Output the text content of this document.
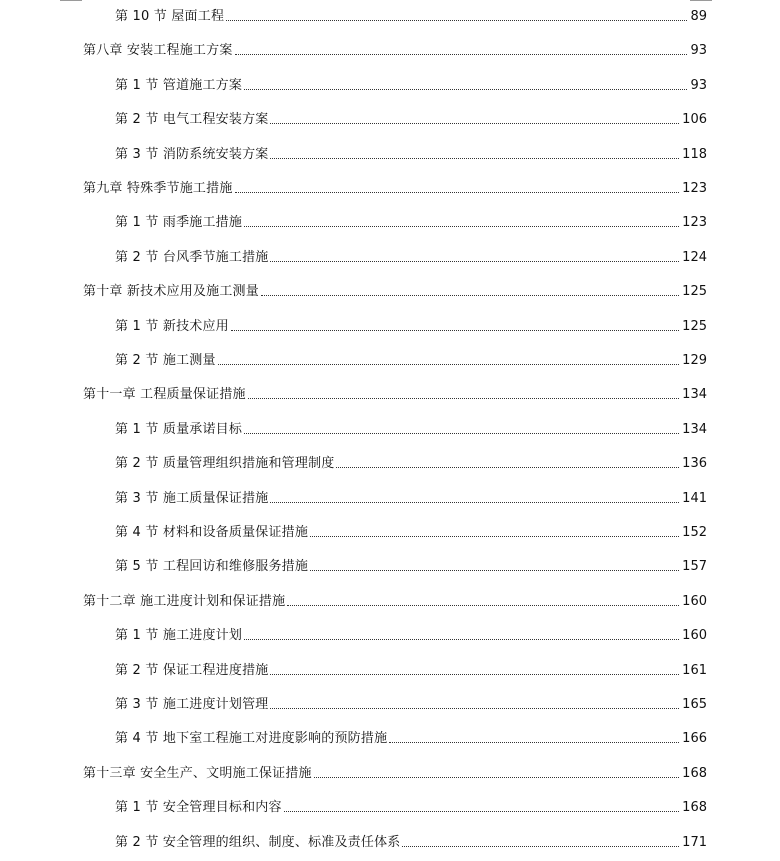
第 10 节 屋面工程	89
第八章 安装工程施工方案	93
第 1 节 管道施工方案	93
第 2 节 电气工程安装方案	106
第 3 节 消防系统安装方案	118
第九章 特殊季节施工措施	123
第 1 节 雨季施工措施	123
第 2 节 台风季节施工措施	124
第十章 新技术应用及施工测量	125
第 1 节 新技术应用	125
第 2 节 施工测量	129
第十一章 工程质量保证措施	134
第 1 节 质量承诺目标	134
第 2 节 质量管理组织措施和管理制度	136
第 3 节 施工质量保证措施	141
第 4 节 材料和设备质量保证措施	152
第 5 节 工程回访和维修服务措施	157
第十二章 施工进度计划和保证措施	160
第 1 节 施工进度计划	160
第 2 节 保证工程进度措施	161
第 3 节 施工进度计划管理	165
第 4 节 地下室工程施工对进度影响的预防措施	166
第十三章 安全生产、文明施工保证措施	168
第 1 节 安全管理目标和内容	168
第 2 节 安全管理的组织、制度、标准及责任体系	171
